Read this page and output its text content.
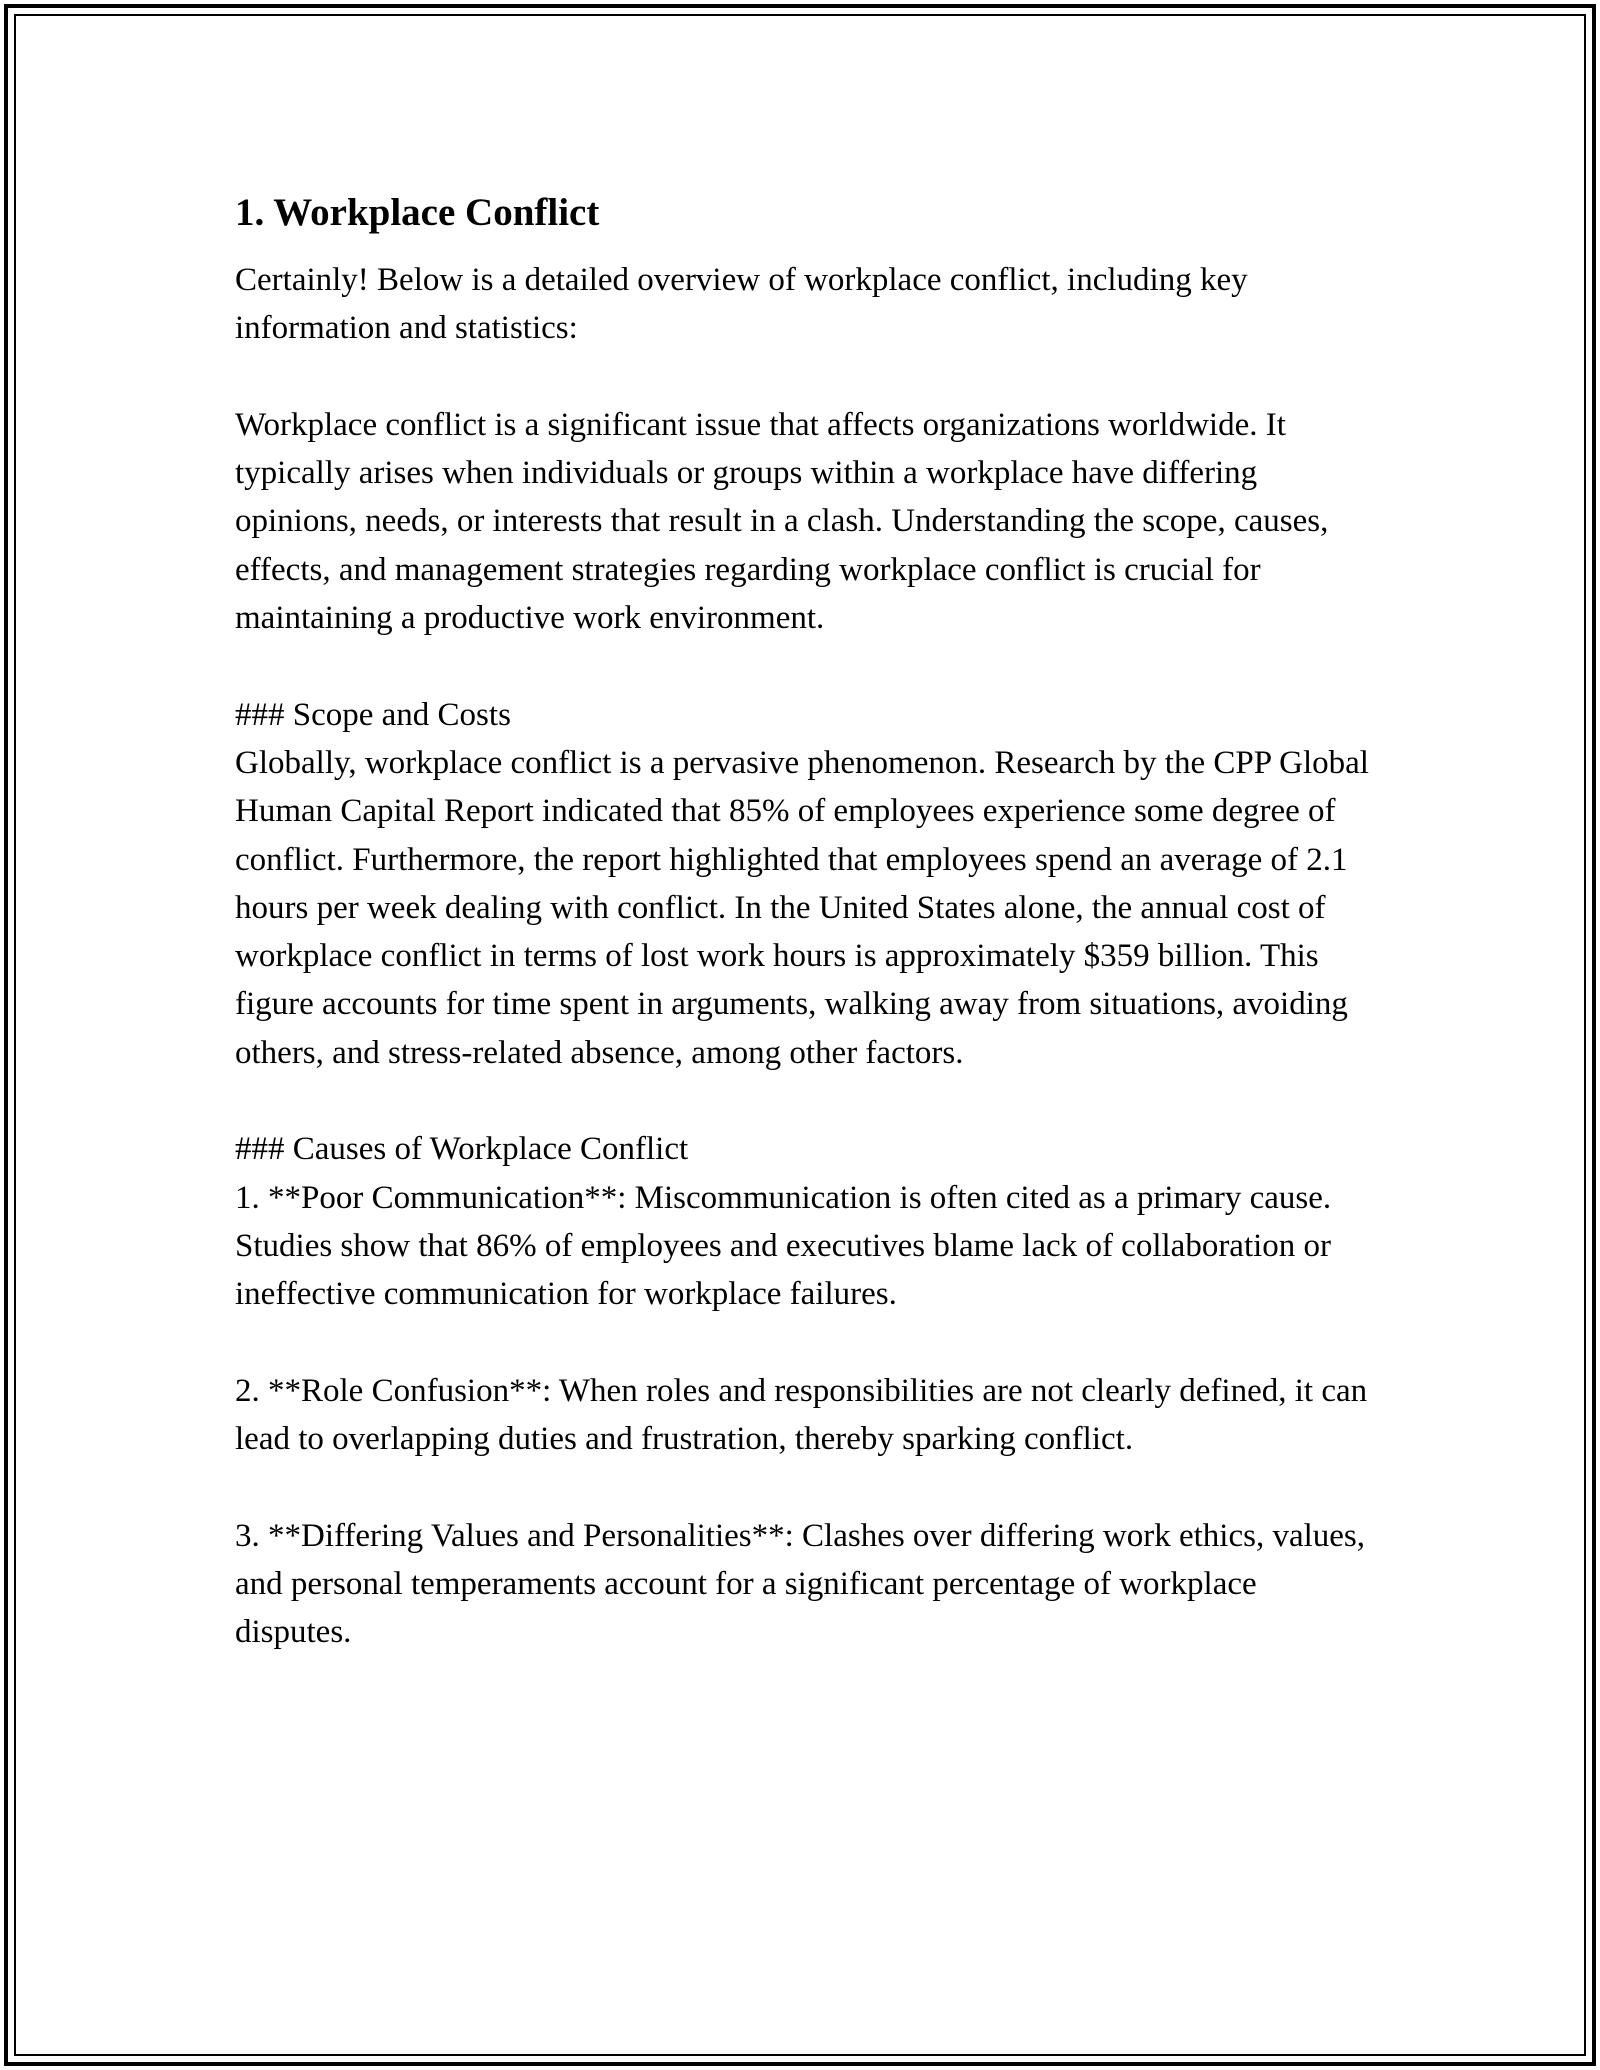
1. Workplace Conflict

Certainly! Below is a detailed overview of workplace conflict, including key information and statistics:

Workplace conflict is a significant issue that affects organizations worldwide. It typically arises when individuals or groups within a workplace have differing opinions, needs, or interests that result in a clash. Understanding the scope, causes, effects, and management strategies regarding workplace conflict is crucial for maintaining a productive work environment.

### Scope and Costs
Globally, workplace conflict is a pervasive phenomenon. Research by the CPP Global Human Capital Report indicated that 85% of employees experience some degree of conflict. Furthermore, the report highlighted that employees spend an average of 2.1 hours per week dealing with conflict. In the United States alone, the annual cost of workplace conflict in terms of lost work hours is approximately $359 billion. This figure accounts for time spent in arguments, walking away from situations, avoiding others, and stress-related absence, among other factors.

### Causes of Workplace Conflict
1. **Poor Communication**: Miscommunication is often cited as a primary cause. Studies show that 86% of employees and executives blame lack of collaboration or ineffective communication for workplace failures.

2. **Role Confusion**: When roles and responsibilities are not clearly defined, it can lead to overlapping duties and frustration, thereby sparking conflict.

3. **Differing Values and Personalities**: Clashes over differing work ethics, values, and personal temperaments account for a significant percentage of workplace disputes.
